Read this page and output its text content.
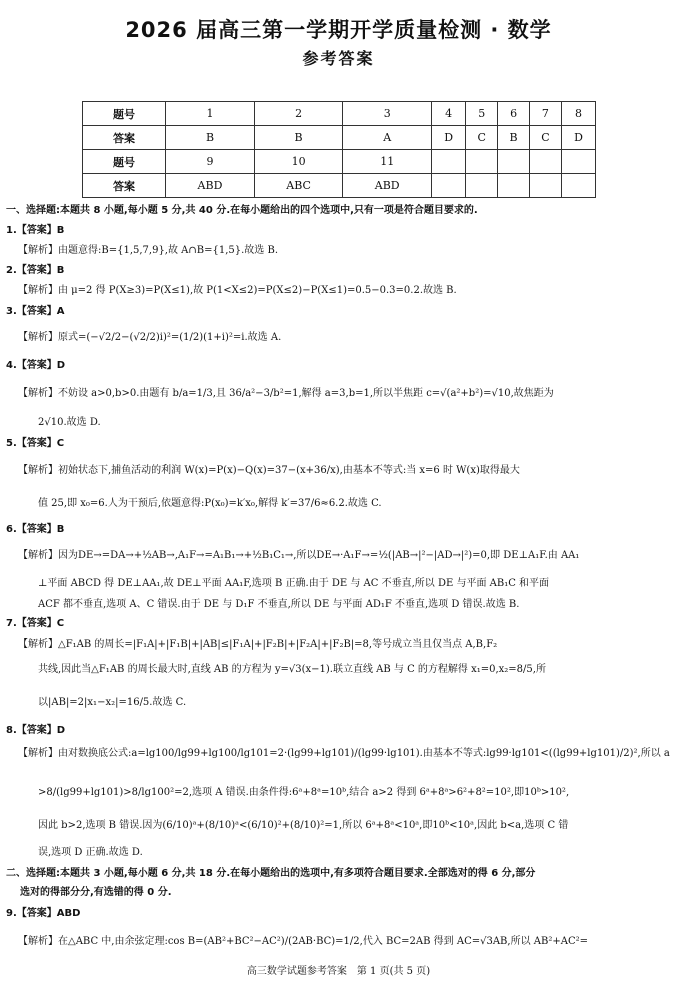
2026 届高三第一学期开学质量检测 · 数学
参考答案
题号	1	2	3	4	5	6	7	8
答案	B	B	A	D	C	B	C	D
题号	9	10	11					
答案	ABD	ABC	ABD					
一、选择题:本题共 8 小题,每小题 5 分,共 40 分.在每小题给出的四个选项中,只有一项是符合题目要求的.
1.【答案】B
【解析】由题意得:B={1,5,7,9},故 A∩B={1,5}.故选 B.
2.【答案】B
【解析】由 μ=2 得 P(X≥3)=P(X≤1),故 P(1<X≤2)=P(X≤2)−P(X≤1)=0.5−0.3=0.2.故选 B.
3.【答案】A
【解析】原式=(−√2/2−(√2/2)i)²=(1/2)(1+i)²=i.故选 A.
4.【答案】D
【解析】不妨设 a>0,b>0.由题有 b/a=1/3,且 36/a²−3/b²=1,解得 a=3,b=1,所以半焦距 c=√(a²+b²)=√10,故焦距为
2√10.故选 D.
5.【答案】C
【解析】初始状态下,捕鱼活动的利润 W(x)=P(x)−Q(x)=37−(x+36/x),由基本不等式:当 x=6 时 W(x)取得最大
值 25,即 x₀=6.人为干预后,依题意得:P(x₀)=k′x₀,解得 k′=37/6≈6.2.故选 C.
6.【答案】B
【解析】因为DE→=DA→+½AB→,A₁F→=A₁B₁→+½B₁C₁→,所以DE→·A₁F→=½(|AB→|²−|AD→|²)=0,即 DE⊥A₁F.由 AA₁
⊥平面 ABCD 得 DE⊥AA₁,故 DE⊥平面 AA₁F,选项 B 正确.由于 DE 与 AC 不垂直,所以 DE 与平面 AB₁C 和平面
ACF 都不垂直,选项 A、C 错误.由于 DE 与 D₁F 不垂直,所以 DE 与平面 AD₁F 不垂直,选项 D 错误.故选 B.
7.【答案】C
【解析】△F₁AB 的周长=|F₁A|+|F₁B|+|AB|≤|F₁A|+|F₂B|+|F₂A|+|F₂B|=8,等号成立当且仅当点 A,B,F₂
共线,因此当△F₁AB 的周长最大时,直线 AB 的方程为 y=√3(x−1).联立直线 AB 与 C 的方程解得 x₁=0,x₂=8/5,所
以|AB|=2|x₁−x₂|=16/5.故选 C.
8.【答案】D
【解析】由对数换底公式:a=lg100/lg99+lg100/lg101=2·(lg99+lg101)/(lg99·lg101).由基本不等式:lg99·lg101<((lg99+lg101)/2)²,所以 a
>8/(lg99+lg101)>8/lg100²=2,选项 A 错误.由条件得:6ᵃ+8ᵃ=10ᵇ,结合 a>2 得到 6ᵃ+8ᵃ>6²+8²=10²,即10ᵇ>10²,
因此 b>2,选项 B 错误.因为(6/10)ᵃ+(8/10)ᵃ<(6/10)²+(8/10)²=1,所以 6ᵃ+8ᵃ<10ᵃ,即10ᵇ<10ᵃ,因此 b<a,选项 C 错
误,选项 D 正确.故选 D.
二、选择题:本题共 3 小题,每小题 6 分,共 18 分.在每小题给出的选项中,有多项符合题目要求.全部选对的得 6 分,部分
选对的得部分分,有选错的得 0 分.
9.【答案】ABD
【解析】在△ABC 中,由余弦定理:cos B=(AB²+BC²−AC²)/(2AB·BC)=1/2,代入 BC=2AB 得到 AC=√3AB,所以 AB²+AC²=
高三数学试题参考答案　第 1 页(共 5 页)
